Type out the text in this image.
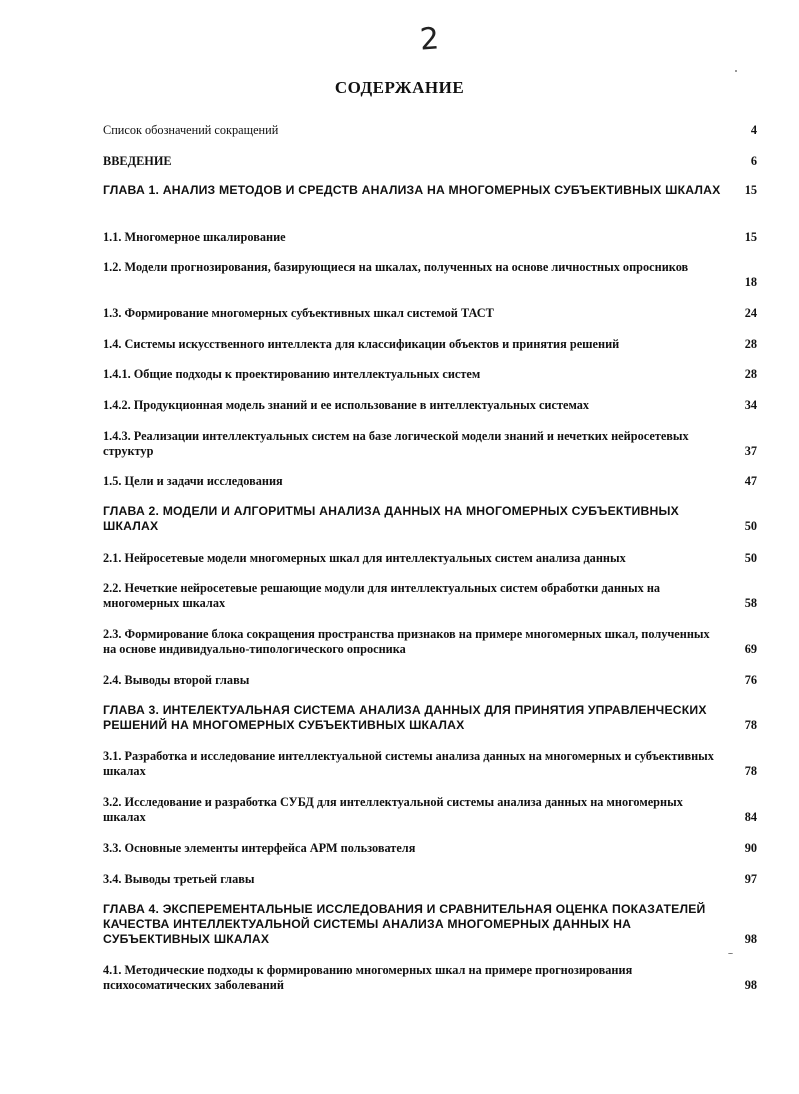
2
СОДЕРЖАНИЕ
Список обозначений сокращений	4
ВВЕДЕНИЕ	6
ГЛАВА 1. АНАЛИЗ МЕТОДОВ И СРЕДСТВ АНАЛИЗА НА МНОГОМЕРНЫХ СУБЪЕКТИВНЫХ ШКАЛАХ	15
1.1. Многомерное шкалирование	15
1.2. Модели прогнозирования, базирующиеся на шкалах, полученных на основе личностных опросников
18
1.3. Формирование многомерных субъективных шкал системой ТАСТ	24
1.4. Системы искусственного интеллекта для классификации объектов и принятия решений	28
1.4.1. Общие подходы к проектированию интеллектуальных систем	28
1.4.2. Продукционная модель знаний и ее использование в интеллектуальных системах	34
1.4.3. Реализации интеллектуальных систем на базе логической модели знаний и нечетких нейросетевых структур	37
1.5. Цели и задачи исследования	47
ГЛАВА 2. МОДЕЛИ И АЛГОРИТМЫ АНАЛИЗА ДАННЫХ НА МНОГОМЕРНЫХ СУБЪЕКТИВНЫХ ШКАЛАХ	50
2.1. Нейросетевые модели многомерных шкал для интеллектуальных систем анализа данных	50
2.2. Нечеткие нейросетевые решающие модули для интеллектуальных систем обработки данных на многомерных шкалах	58
2.3. Формирование блока сокращения пространства признаков на примере многомерных шкал, полученных на основе индивидуально-типологического опросника	69
2.4. Выводы второй главы	76
ГЛАВА 3. ИНТЕЛЕКТУАЛЬНАЯ СИСТЕМА АНАЛИЗА ДАННЫХ ДЛЯ ПРИНЯТИЯ УПРАВЛЕНЧЕСКИХ РЕШЕНИЙ НА МНОГОМЕРНЫХ СУБЪЕКТИВНЫХ ШКАЛАХ	78
3.1. Разработка и исследование интеллектуальной системы анализа данных на многомерных и субъективных шкалах	78
3.2. Исследование и разработка СУБД для интеллектуальной системы анализа данных на многомерных шкалах	84
3.3. Основные элементы интерфейса АРМ пользователя	90
3.4. Выводы третьей главы	97
ГЛАВА 4. ЭКСПЕРЕМЕНТАЛЬНЫЕ ИССЛЕДОВАНИЯ И СРАВНИТЕЛЬНАЯ ОЦЕНКА ПОКАЗАТЕЛЕЙ КАЧЕСТВА ИНТЕЛЛЕКТУАЛЬНОЙ СИСТЕМЫ АНАЛИЗА МНОГОМЕРНЫХ ДАННЫХ НА СУБЪЕКТИВНЫХ ШКАЛАХ	98
4.1. Методические подходы к формированию многомерных шкал на примере прогнозирования психосоматических заболеваний	98
